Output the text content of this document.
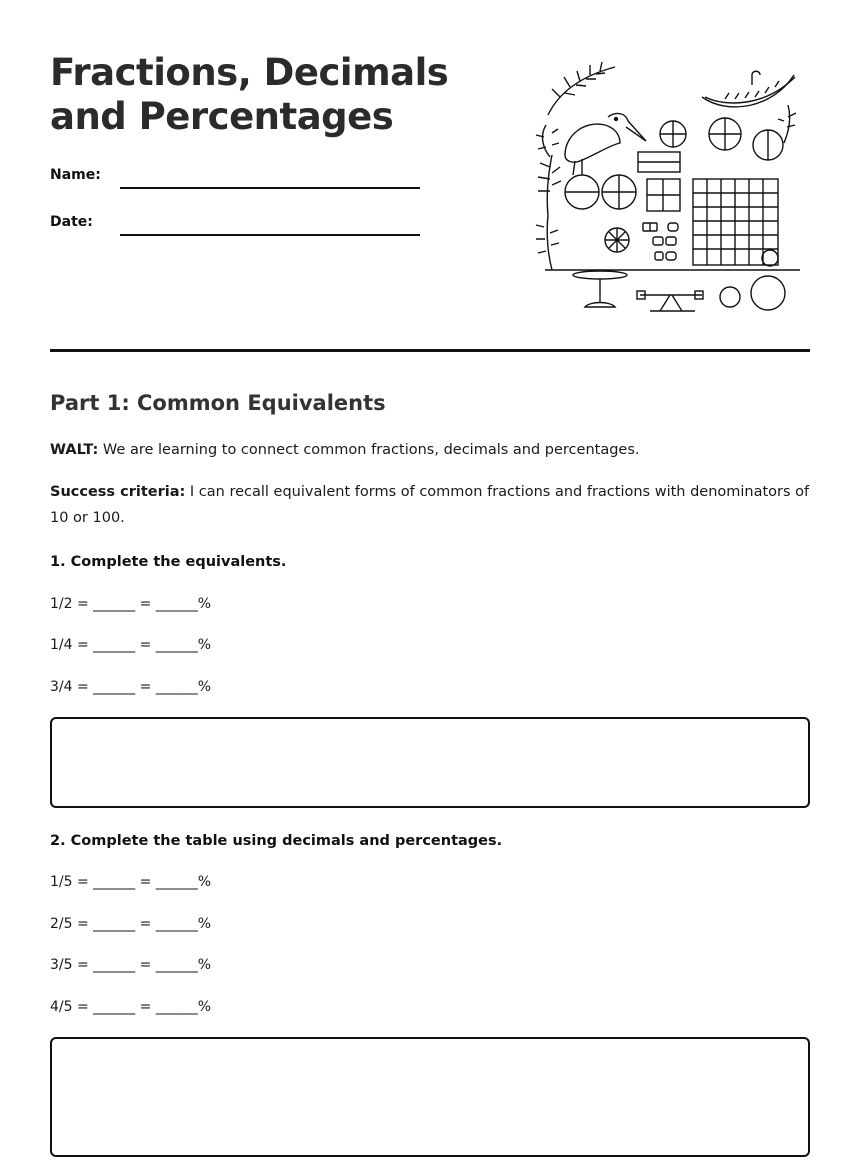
Fractions, Decimals and Percentages
Name:
Date:
Part 1: Common Equivalents
WALT: We are learning to connect common fractions, decimals and percentages.
Success criteria: I can recall equivalent forms of common fractions and fractions with denominators of 10 or 100.
1. Complete the equivalents.
1/2 = ______ = ______%
1/4 = ______ = ______%
3/4 = ______ = ______%
2. Complete the table using decimals and percentages.
1/5 = ______ = ______%
2/5 = ______ = ______%
3/5 = ______ = ______%
4/5 = ______ = ______%
